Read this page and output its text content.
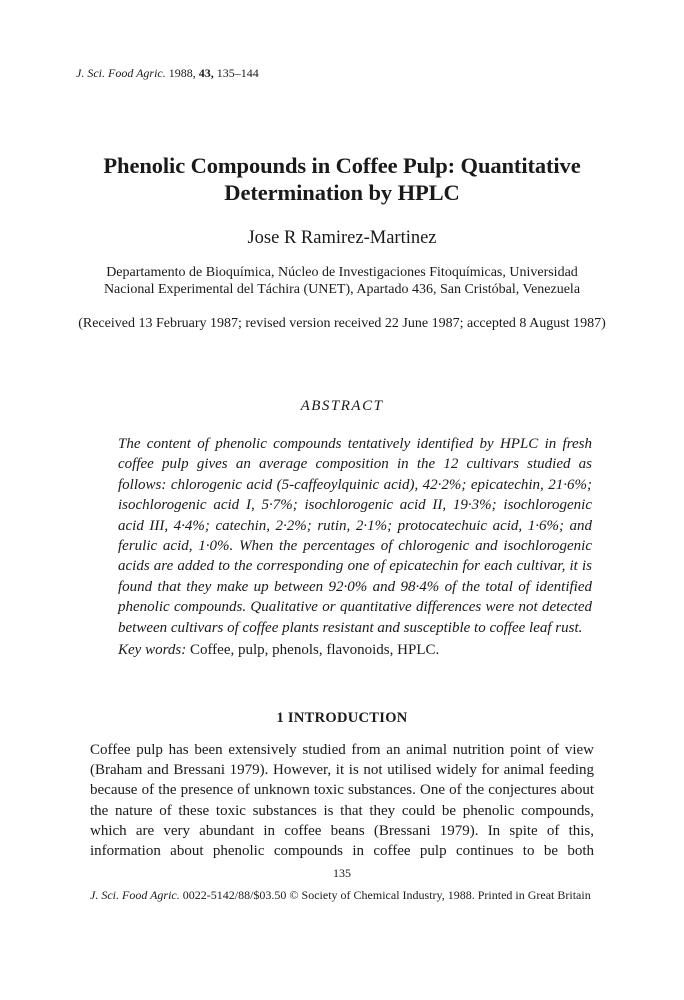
J. Sci. Food Agric. 1988, 43, 135–144
Phenolic Compounds in Coffee Pulp: Quantitative Determination by HPLC
Jose R Ramirez-Martinez
Departamento de Bioquímica, Núcleo de Investigaciones Fitoquímicas, Universidad Nacional Experimental del Táchira (UNET), Apartado 436, San Cristóbal, Venezuela
(Received 13 February 1987; revised version received 22 June 1987; accepted 8 August 1987)
ABSTRACT
The content of phenolic compounds tentatively identified by HPLC in fresh coffee pulp gives an average composition in the 12 cultivars studied as follows: chlorogenic acid (5-caffeoylquinic acid), 42·2%; epicatechin, 21·6%; isochlorogenic acid I, 5·7%; isochlorogenic acid II, 19·3%; isochlorogenic acid III, 4·4%; catechin, 2·2%; rutin, 2·1%; protocatechuic acid, 1·6%; and ferulic acid, 1·0%. When the percentages of chlorogenic and isochlorogenic acids are added to the corresponding one of epicatechin for each cultivar, it is found that they make up between 92·0% and 98·4% of the total of identified phenolic compounds. Qualitative or quantitative differences were not detected between cultivars of coffee plants resistant and susceptible to coffee leaf rust.
Key words: Coffee, pulp, phenols, flavonoids, HPLC.
1 INTRODUCTION
Coffee pulp has been extensively studied from an animal nutrition point of view (Braham and Bressani 1979). However, it is not utilised widely for animal feeding because of the presence of unknown toxic substances. One of the conjectures about the nature of these toxic substances is that they could be phenolic compounds, which are very abundant in coffee beans (Bressani 1979). In spite of this, information about phenolic compounds in coffee pulp continues to be both
135
J. Sci. Food Agric. 0022-5142/88/$03.50 © Society of Chemical Industry, 1988. Printed in Great Britain
